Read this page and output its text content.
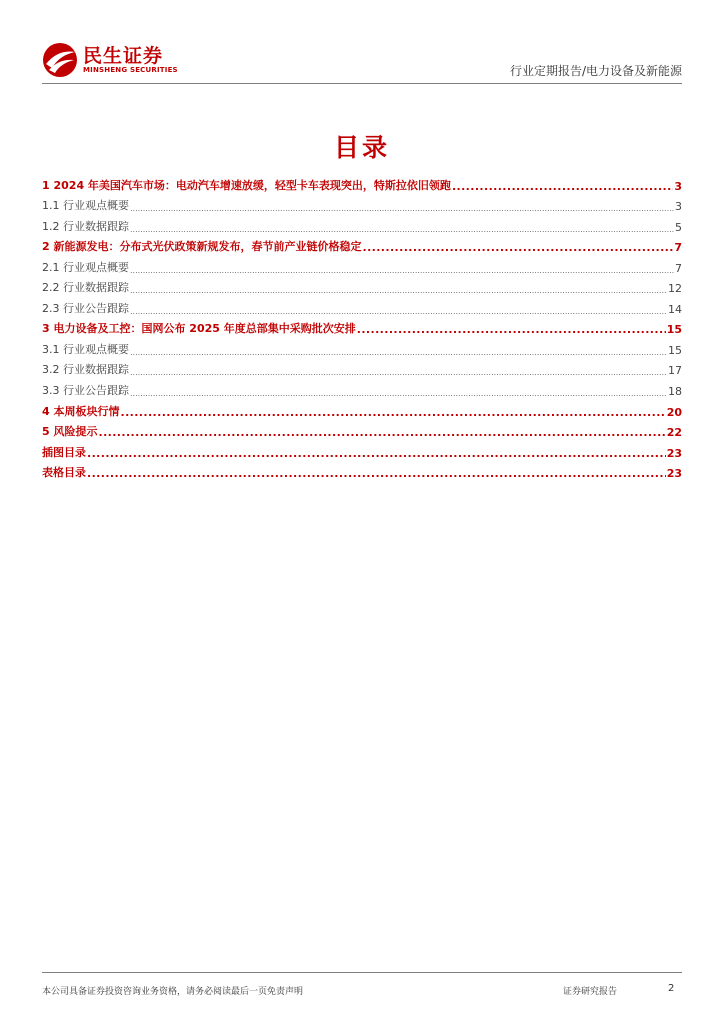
民生证券
MINSHENG SECURITIES	行业定期报告/电力设备及新能源
目录
1 2024 年美国汽车市场：电动汽车增速放缓，轻型卡车表现突出，特斯拉依旧领跑 .....	3
1.1 行业观点概要 .....	3
1.2 行业数据跟踪 .....	5
2 新能源发电：分布式光伏政策新规发布，春节前产业链价格稳定 .....	7
2.1 行业观点概要 .....	7
2.2 行业数据跟踪 .....	12
2.3 行业公告跟踪 .....	14
3 电力设备及工控：国网公布 2025 年度总部集中采购批次安排 .....	15
3.1 行业观点概要 .....	15
3.2 行业数据跟踪 .....	17
3.3 行业公告跟踪 .....	18
4 本周板块行情 .....	20
5 风险提示 .....	22
插图目录 .....	23
表格目录 .....	23
本公司具备证券投资咨询业务资格，请务必阅读最后一页免责声明	证券研究报告	2
